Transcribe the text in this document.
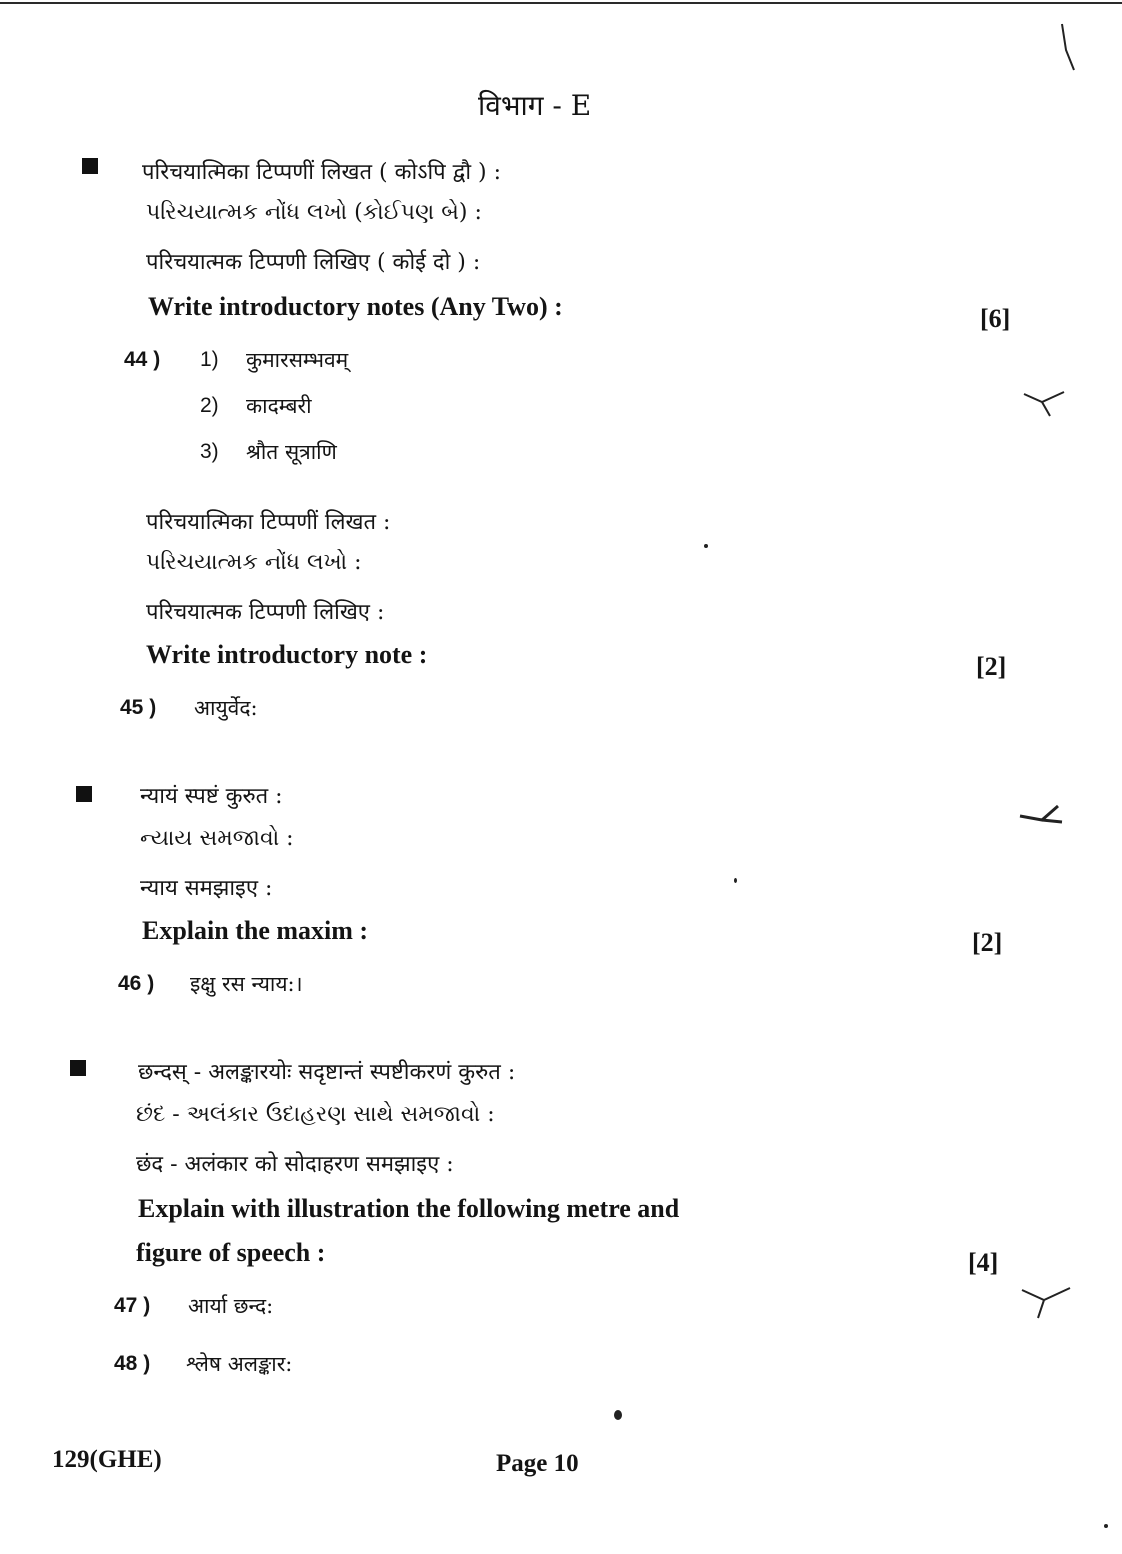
विभाग - E
परिचयात्मिका टिप्पणीं लिखत ( कोऽपि द्वौ ) :
પરિચયાત્મક નોંધ લખો (કોઈપણ બે) :
परिचयात्मक टिप्पणी लिखिए ( कोई दो ) :
Write introductory notes (Any Two) :	[6]
44 ) 1) कुमारसम्भवम्
2) कादम्बरी
3) श्रौत सूत्राणि
परिचयात्मिका टिप्पणीं लिखत :
પરિચયાત્મક નોંધ લખો :
परिचयात्मक टिप्पणी लिखिए :
Write introductory note :	[2]
45 ) आयुर्वेद:
न्यायं स्पष्टं कुरुत :
ન્યાય સમજાવો :
न्याय समझाइए :
Explain the maxim :	[2]
46 ) इक्षु रस न्याय:।
छन्दस् - अलङ्कारयोः सदृष्टान्तं स्पष्टीकरणं कुरुत :
છંદ - અલંકાર ઉદાહરણ સાથે સમજાવો :
छंद - अलंकार को सोदाहरण समझाइए :
Explain with illustration the following metre and
figure of speech :	[4]
47 ) आर्या छन्द:
48 ) श्लेष अलङ्कार:
129(GHE)	Page 10
